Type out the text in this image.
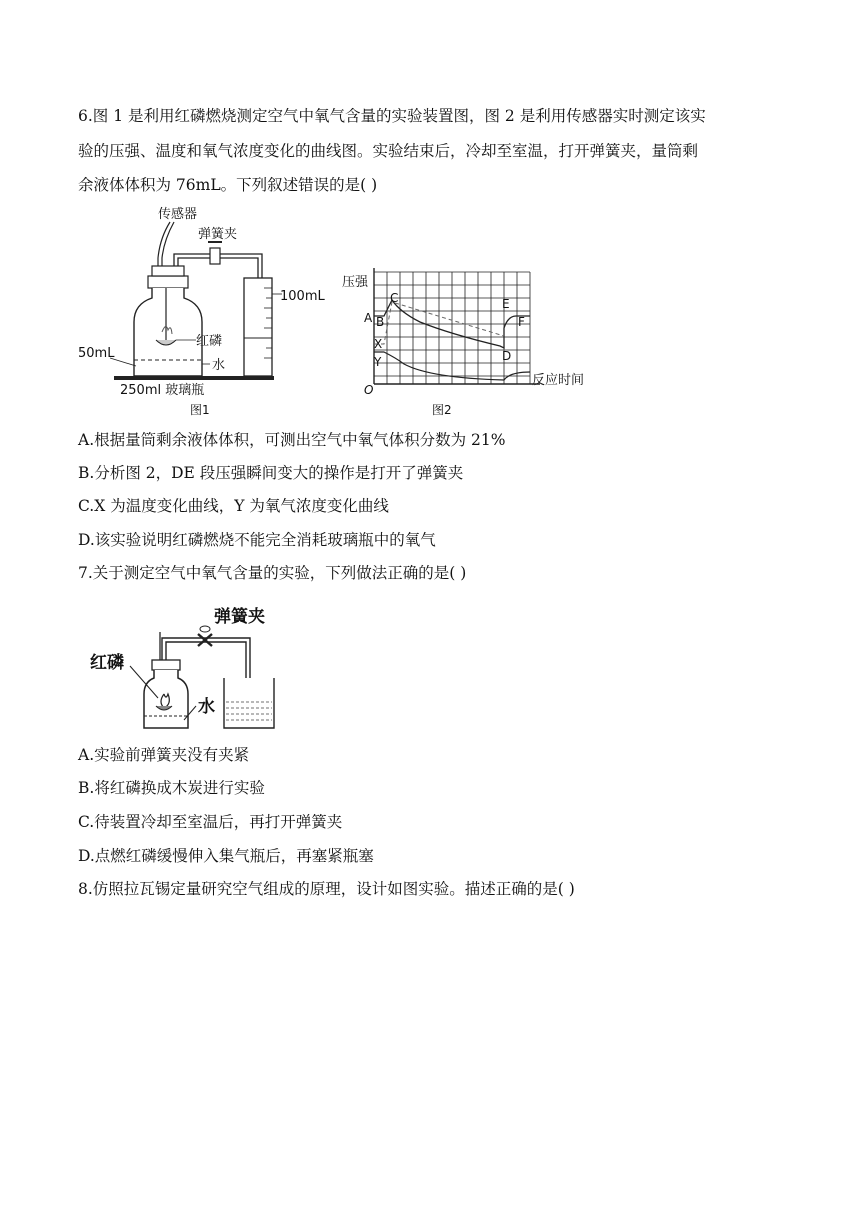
6.图 1 是利用红磷燃烧测定空气中氧气含量的实验装置图，图 2 是利用传感器实时测定该实
验的压强、温度和氧气浓度变化的曲线图。实验结束后，冷却至室温，打开弹簧夹，量筒剩
余液体体积为 76mL。下列叙述错误的是( )
传感器
弹簧夹
100mL
红磷
50mL
水
250ml 玻璃瓶
图1
压强
A B
C	E
F
D
X
Y
O
反应时间
图2
A.根据量筒剩余液体体积，可测出空气中氧气体积分数为 21%
B.分析图 2，DE 段压强瞬间变大的操作是打开了弹簧夹
C.X 为温度变化曲线，Y 为氧气浓度变化曲线
D.该实验说明红磷燃烧不能完全消耗玻璃瓶中的氧气
7.关于测定空气中氧气含量的实验，下列做法正确的是( )
弹簧夹
红磷
水
A.实验前弹簧夹没有夹紧
B.将红磷换成木炭进行实验
C.待装置冷却至室温后，再打开弹簧夹
D.点燃红磷缓慢伸入集气瓶后，再塞紧瓶塞
8.仿照拉瓦锡定量研究空气组成的原理，设计如图实验。描述正确的是( )
